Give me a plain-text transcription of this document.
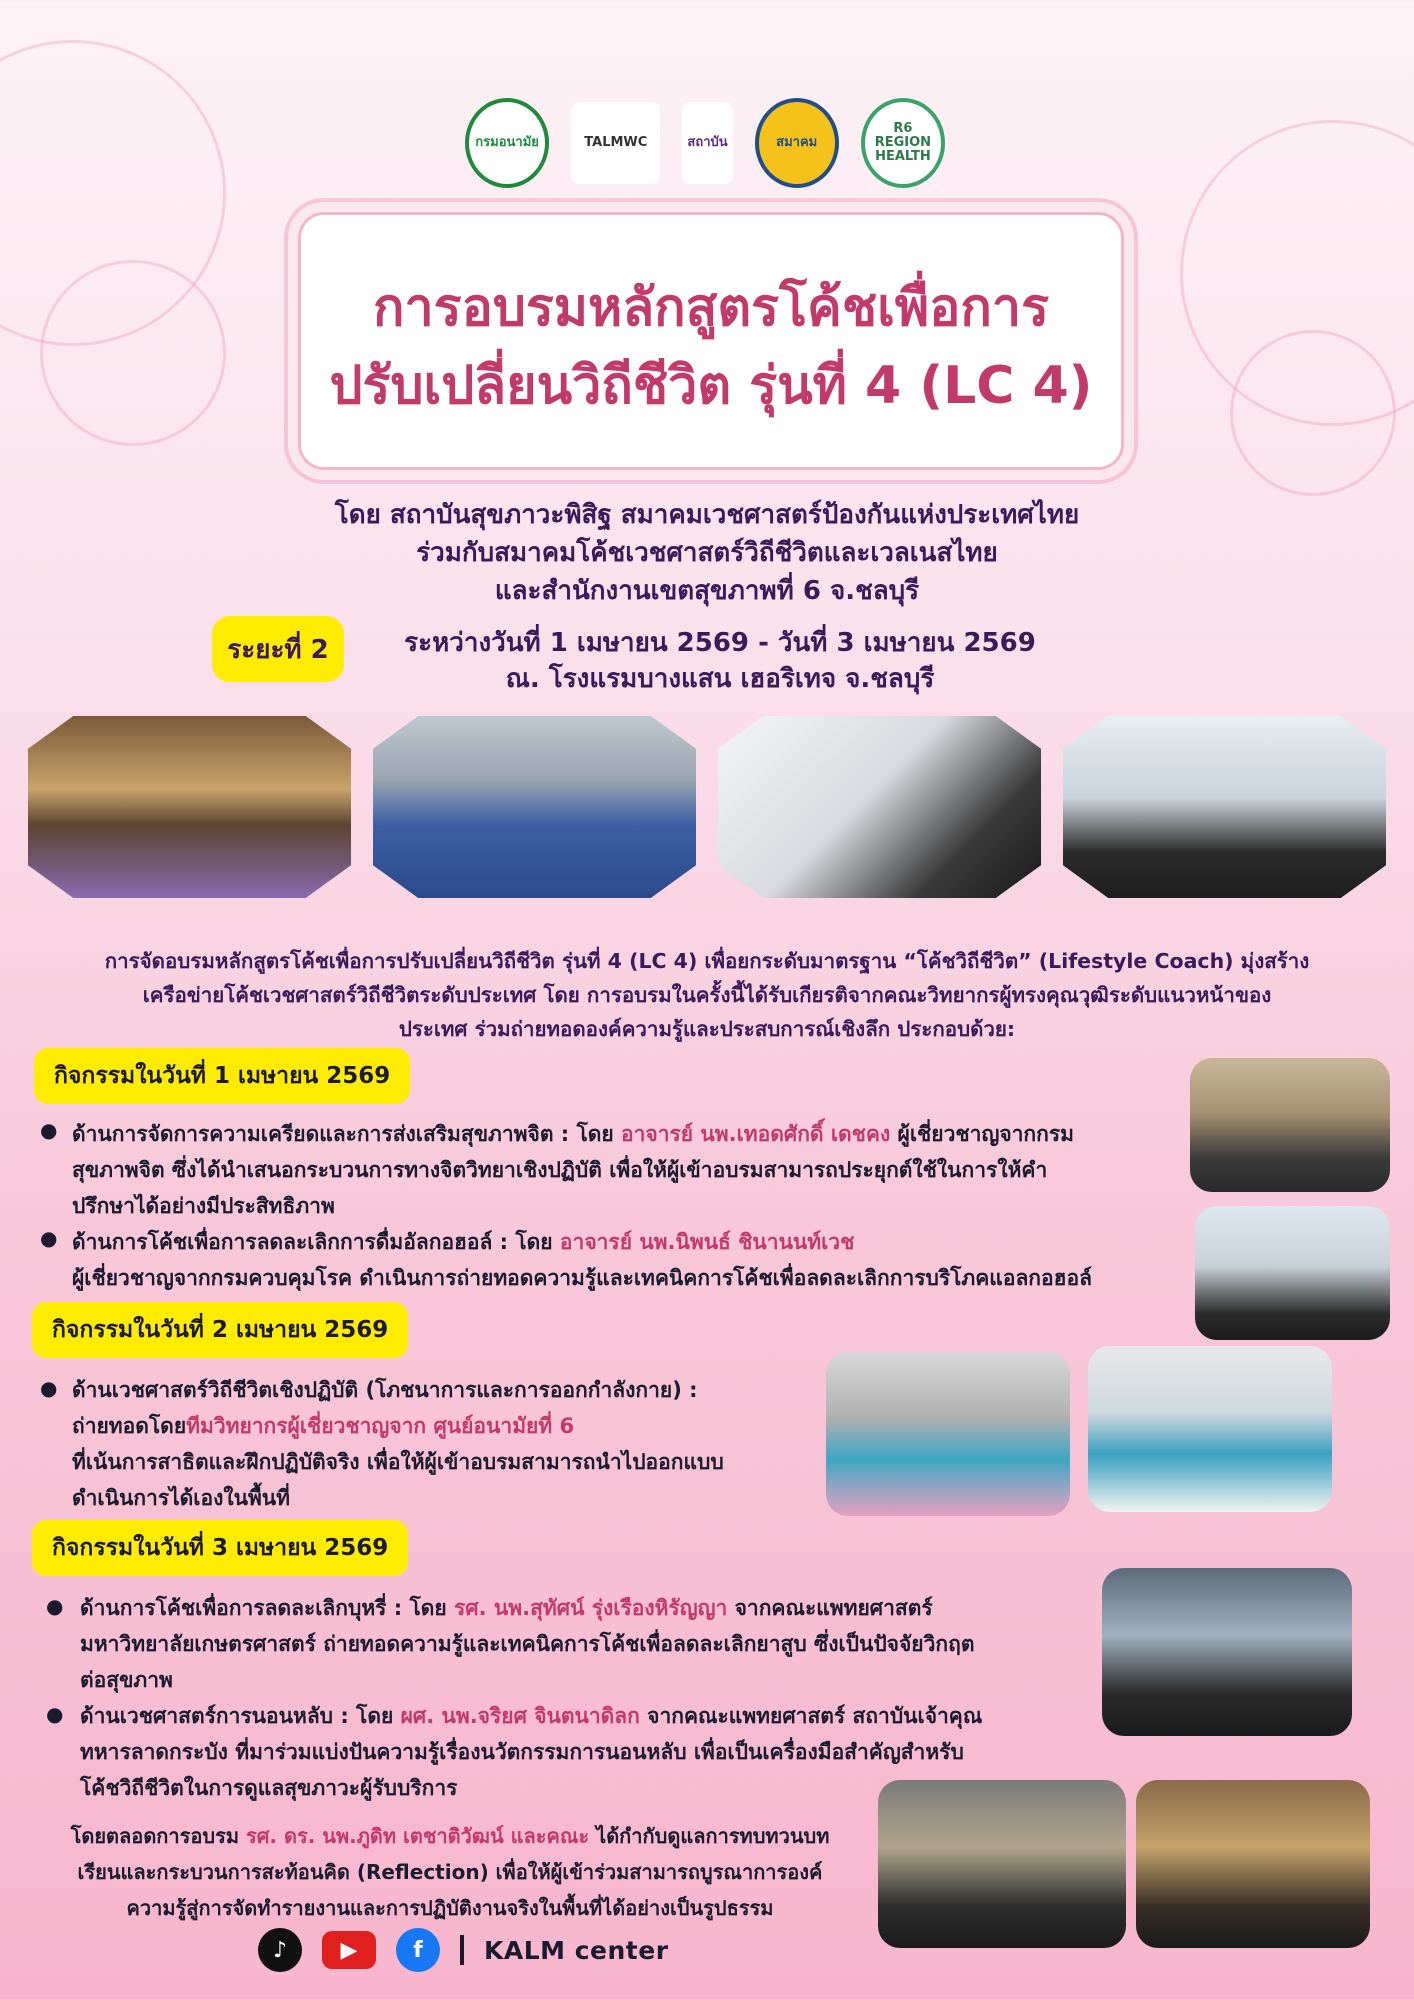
กรมอนามัย	TALMWC	สถาบัน	สมาคม
R6 REGION HEALTH
การอบรมหลักสูตรโค้ชเพื่อการ
ปรับเปลี่ยนวิถีชีวิต รุ่นที่ 4 (LC 4)
โดย สถาบันสุขภาวะพิสิฐ สมาคมเวชศาสตร์ป้องกันแห่งประเทศไทย
ร่วมกับสมาคมโค้ชเวชศาสตร์วิถีชีวิตและเวลเนสไทย
และสำนักงานเขตสุขภาพที่ 6 จ.ชลบุรี
ระยะที่ 2	ระหว่างวันที่ 1 เมษายน 2569 - วันที่ 3 เมษายน 2569
ณ. โรงแรมบางแสน เฮอริเทจ จ.ชลบุรี
การจัดอบรมหลักสูตรโค้ชเพื่อการปรับเปลี่ยนวิถีชีวิต รุ่นที่ 4 (LC 4) เพื่อยกระดับมาตรฐาน “โค้ชวิถีชีวิต” (Lifestyle Coach) มุ่งสร้าง
เครือข่ายโค้ชเวชศาสตร์วิถีชีวิตระดับประเทศ โดย การอบรมในครั้งนี้ได้รับเกียรติจากคณะวิทยากรผู้ทรงคุณวุฒิระดับแนวหน้าของ
ประเทศ ร่วมถ่ายทอดองค์ความรู้และประสบการณ์เชิงลึก ประกอบด้วย:
กิจกรรมในวันที่ 1 เมษายน 2569
● ด้านการจัดการความเครียดและการส่งเสริมสุขภาพจิต : โดย อาจารย์ นพ.เทอดศักดิ์ เดชคง ผู้เชี่ยวชาญจากกรม
สุขภาพจิต ซึ่งได้นำเสนอกระบวนการทางจิตวิทยาเชิงปฏิบัติ เพื่อให้ผู้เข้าอบรมสามารถประยุกต์ใช้ในการให้คำ
ปรึกษาได้อย่างมีประสิทธิภาพ
● ด้านการโค้ชเพื่อการลดละเลิกการดื่มอัลกอฮอล์ : โดย อาจารย์ นพ.นิพนธ์ ชินานนท์เวช
ผู้เชี่ยวชาญจากกรมควบคุมโรค ดำเนินการถ่ายทอดความรู้และเทคนิคการโค้ชเพื่อลดละเลิกการบริโภคแอลกอฮอล์
กิจกรรมในวันที่ 2 เมษายน 2569
● ด้านเวชศาสตร์วิถีชีวิตเชิงปฏิบัติ (โภชนาการและการออกกำลังกาย) :
ถ่ายทอดโดยทีมวิทยากรผู้เชี่ยวชาญจาก ศูนย์อนามัยที่ 6
ที่เน้นการสาธิตและฝึกปฏิบัติจริง เพื่อให้ผู้เข้าอบรมสามารถนำไปออกแบบ
ดำเนินการได้เองในพื้นที่
กิจกรรมในวันที่ 3 เมษายน 2569
● ด้านการโค้ชเพื่อการลดละเลิกบุหรี่ : โดย รศ. นพ.สุทัศน์ รุ่งเรืองหิรัญญา จากคณะแพทยศาสตร์
มหาวิทยาลัยเกษตรศาสตร์ ถ่ายทอดความรู้และเทคนิคการโค้ชเพื่อลดละเลิกยาสูบ ซึ่งเป็นปัจจัยวิกฤต
ต่อสุขภาพ
● ด้านเวชศาสตร์การนอนหลับ : โดย ผศ. นพ.จริยศ จินตนาดิลก จากคณะแพทยศาสตร์ สถาบันเจ้าคุณ
ทหารลาดกระบัง ที่มาร่วมแบ่งปันความรู้เรื่องนวัตกรรมการนอนหลับ เพื่อเป็นเครื่องมือสำคัญสำหรับ
โค้ชวิถีชีวิตในการดูแลสุขภาวะผู้รับบริการ
โดยตลอดการอบรม รศ. ดร. นพ.ภูดิท เตชาติวัฒน์ และคณะ ได้กำกับดูแลการทบทวนบท
เรียนและกระบวนการสะท้อนคิด (Reflection) เพื่อให้ผู้เข้าร่วมสามารถบูรณาการองค์
ความรู้สู่การจัดทำรายงานและการปฏิบัติงานจริงในพื้นที่ได้อย่างเป็นรูปธรรม
♪	▶	f	KALM center
